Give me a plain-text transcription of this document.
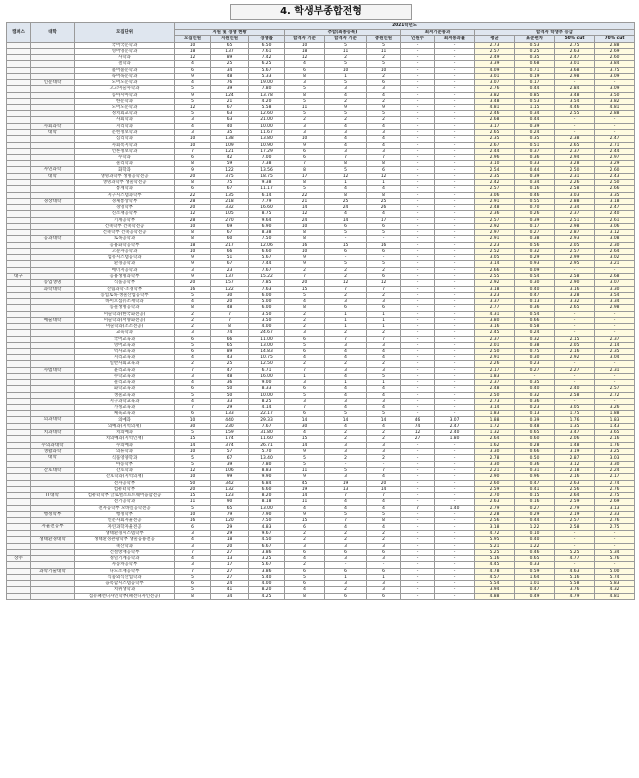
4. 학생부종합전형
캠퍼스	대학	모집단위	2021학년도											
			지원 및 경쟁 현황			추합(최종등록)			최저기준통과		합격자 학생부 등급			
			모집인원	지원인원	경쟁률	합격자 기준	합격자 기준	충원인원	인원수	최저통과율	평균	표준편차	50% cut	70% cut
		국어국문학과	10	65	6.50	10	5	5	-	-	2.73	0.53	2.75	2.88
		영어영문학과	18	137	7.61	18	11	11	-	-	2.57	0.25	2.63	2.69
		사학과	12	89	7.42	12	2	2	-	-	2.49	0.35	2.47	2.60
		철학과	4	25	6.25	4	5	5	-	-	3.39	0.68	3.01	3.84
		불어불문학과	6	34	5.67	6	10	10	-	-	4.09	0.71	3.68	3.75
		독어독문학과	9	48	5.33	8	1	2	-	-	3.01	0.19	2.98	3.09
	인문대학	노어노문학과	4	76	19.00	3	5	6	-	-	3.07	0.17	-	-
		고고미술사학과	5	39	7.80	5	3	3	-	-	2.76	0.44	2.84	3.09
		동아시아학과	9	124	13.78	8	4	4	-	-	3.82	0.85	3.48	3.50
		한문학과	5	21	4.20	5	2	2	-	-	3.48	0.53	3.54	3.82
		노어노문학과	12	67	5.58	11	9	9	-	-	4.81	1.15	4.46	4.81
		정치외교학과	5	63	12.60	5	5	5	-	-	2.46	0.34	2.55	2.88
		사회학과	3	63	21.00	2	2	2	-	-	2.68	0.44	-	-
	사회과학	지리학과	4	40	10.00	3	4	4	-	-	3.17	0.39	-	-
	대학	문헌정보학과	3	35	11.67	3	3	3	-	-	2.65	0.24	-	-
		심리학과	10	138	13.80	10	4	4	-	-	2.35	0.35	2.38	2.47
		사회복지학과	10	109	10.90	9	4	4	-	-	2.67	0.51	2.65	2.71
		언론정보학과	7	121	17.29	6	3	3	-	-	2.44	0.37	2.37	2.44
		수학과	6	42	7.00	6	7	7	-	-	2.96	0.36	2.94	2.97
		물리학과	8	59	7.38	7	8	8	-	-	3.10	0.33	3.28	3.29
	자연과학	화학과	9	122	13.56	8	5	6	-	-	2.54	0.44	2.50	2.60
	대학	생명과학부 생명공학전공	20	375	18.75	17	12	12	-	-	2.35	0.39	2.31	2.43
		생명과학부 생물학전공	8	75	9.38	8	1	1	-	-	2.42	0.34	2.26	2.50
		통계학과	6	67	11.17	5	4	4	-	-	2.57	0.16	2.58	2.66
		지구시스템과학부	22	135	6.14	22	8	8	-	-	3.06	0.46	3.03	3.35
	경상대학	경제통상학부	28	218	7.79	21	25	25	-	-	2.91	0.55	2.88	3.18
		경영학부	20	332	16.60	14	24	26	-	-	2.48	0.70	2.34	2.47
		신소재공학부	12	105	8.75	12	4	4	-	-	2.36	0.26	2.37	2.40
		기계공학부	28	270	9.64	24	14	17	-	-	2.57	0.39	2.51	2.61
		건축학부 건축학전공	10	69	6.90	10	6	6	-	-	2.92	0.17	2.98	3.06
		건축학부 건축공학전공	8	67	8.38	8	5	5	-	-	2.97	0.27	2.87	3.12
	공과대학	토목공학과	8	60	7.50	8	-	-	-	-	2.91	0.38	2.93	3.08
		응용화학공학부	18	217	12.06	16	15	16	-	-	2.23	0.56	2.05	2.30
		고분자공학과	10	66	6.60	10	6	6	-	-	2.52	0.32	2.57	2.64
		섬유시스템공학과	9	51	5.67	9	-	-	-	-	3.05	0.29	2.99	3.02
		환경공학과	9	67	7.44	9	5	5	-	-	3.14	0.93	2.95	3.21
		에너지공학과	3	23	7.67	2	2	2	-	-	2.66	0.09	-	-
대구		응용생명과학부	9	137	15.22	7	2	6	-	-	2.55	0.54	2.58	2.68
	농업생명	식품공학부	20	157	7.85	20	12	12	-	-	2.92	0.30	2.90	3.07
	과학대학	산림과학·조경학부	16	122	7.63	15	7	7	-	-	3.18	0.40	3.16	3.30
		농업토목·생물산업공학부	5	30	6.00	5	2	2	-	-	3.23	0.47	3.28	3.54
		바이오섬유소재학과	4	20	5.00	4	3	3	-	-	3.37	0.13	3.32	3.34
		동물생명공학과	8	48	6.00	8	6	6	-	-	2.77	0.36	2.65	2.98
		미술학과(한국화전공)	2	7	3.50	2	1	1	-	-	4.31	0.54	-	-
	예술대학	미술학과(서양화전공)	2	7	3.50	2	1	1	-	-	3.80	0.66	-	-
		미술학과(조소전공)	2	8	4.00	2	1	1	-	-	3.16	0.58	-	-
		교육학과	3	74	24.67	3	2	2	-	-	2.45	0.24	-	-
		국어교육과	6	66	11.00	6	7	7	-	-	2.37	0.32	2.15	2.37
		영어교육과	5	65	13.00	5	3	3	-	-	2.01	0.38	2.05	2.14
		역사교육과	6	89	14.83	6	4	4	-	-	2.50	0.75	2.16	2.35
		지리교육과	4	43	10.75	4	4	4	-	-	2.91	0.30	2.92	3.04
		일반사회교육과	2	25	12.50	2	2	2	-	-	2.26	0.23	-	-
	사범대학	윤리교육과	7	47	6.71	7	3	3	-	-	2.17	0.27	2.27	2.31
		수학교육과	3	48	16.00	1	4	5	-	-	1.83	-	-	-
		물리교육과	4	36	9.00	3	1	1	-	-	2.37	0.35	-	-
		화학교육과	6	50	8.33	6	4	4	-	-	2.48	0.40	2.40	2.57
		생물교육과	5	50	10.00	5	4	4	-	-	2.50	0.32	2.58	2.72
		지구과학교육과	4	33	8.25	3	3	3	-	-	2.73	0.36	-	-
		가정교육과	7	29	4.14	7	4	4	-	-	3.14	0.23	3.05	3.26
		체육교육과	6	133	22.17	6	5	5	-	-	1.83	0.13	1.75	1.88
	의과대학	의예과	10	440	29.33	14	14	14	46	3.07	1.88	0.39	1.76	1.83
		의예과(지역의재)	30	230	7.67	30	4	4	74	2.47	1.72	0.48	1.35	1.43
	치과대학	치의예과	5	159	31.80	4	2	2	12	2.40	1.32	0.65	3.47	3.65
		치의예과(지역인재)	15	174	11.60	15	2	2	27	1.80	2.64	0.60	2.06	2.16
	수의과대학	수의예과	14	374	26.71	14	3	3	-	-	1.62	0.28	1.48	1.76
	생활과학	의류학과	10	57	5.70	9	3	3	-	-	3.30	0.66	3.19	3.25
	대학	식품영양학과	5	67	13.40	5	2	2	-	-	2.78	0.50	2.87	3.03
		아동학부	5	39	7.80	5	-	-	-	-	3.30	0.36	3.12	3.30
	간호대학	간호학과	12	106	8.83	11	5	7	-	-	2.21	0.31	2.18	2.24
		간호학과(지역의재)	10	99	9.90	9	3	4	-	-	2.90	0.96	2.16	2.17
		전자공학부	50	342	6.84	45	19	20	-	-	2.60	0.47	2.63	2.74
		컴퓨터학부	20	132	6.60	19	13	14	-	-	2.59	0.41	2.56	2.76
	IT대학	컴퓨터학부 글로벌소프트웨어융합전공	15	123	8.20	14	7	7	-	-	2.70	0.15	2.64	2.75
		전기공학과	11	90	8.18	11	4	4	-	-	2.63	0.16	2.59	2.69
		전자공학부 모바일공학전공	5	65	13.00	4	4	4	7	1.40	2.79	0.27	2.79	3.13
	행정학부	행정학부	10	79	7.90	9	5	5	-	-	2.28	0.29	2.19	2.33
		인문사회자율전공	16	120	7.50	15	7	8	-	-	2.56	0.44	2.57	2.76
	자율전공부	자연과학자율전공	6	29	4.83	6	4	4	-	-	3.18	1.22	2.58	2.75
		생태환경시스템학부	3	29	9.67	2	2	2	-	-	4.72	0.10	-	-
	생태환경대학	생태환경관광학부 생물응용전공	4	18	4.50	2	2	2	-	-	5.95	0.40	-	-
		축산학과	3	20	6.67	3	3	3	-	-	5.21	1.22	-	-
		건설방재공학부	7	27	3.86	6	6	6	-	-	5.25	0.46	5.25	5.34
상주		정밀기계공학과	4	13	3.25	4	3	3	-	-	5.16	0.65	4.77	5.76
		자동차공학부	3	17	5.67	2	-	-	-	-	4.45	0.33	-	-
	과학기술대학	나노소재공학부	7	27	3.86	6	6	6	-	-	4.78	0.59	4.63	5.00
		식품외식산업학과	5	27	5.40	5	1	1	-	-	4.57	1.64	5.16	5.74
		융복합시스템공학부	6	24	4.00	6	3	3	-	-	5.54	1.01	5.58	5.83
		치위생학과	5	41	8.20	4	2	3	-	-	3.94	0.47	3.76	4.32
		섬유패션디자인학부(패션디자인전공)	8	34	4.25	8	6	6	-	-	4.88	0.49	4.79	4.81
